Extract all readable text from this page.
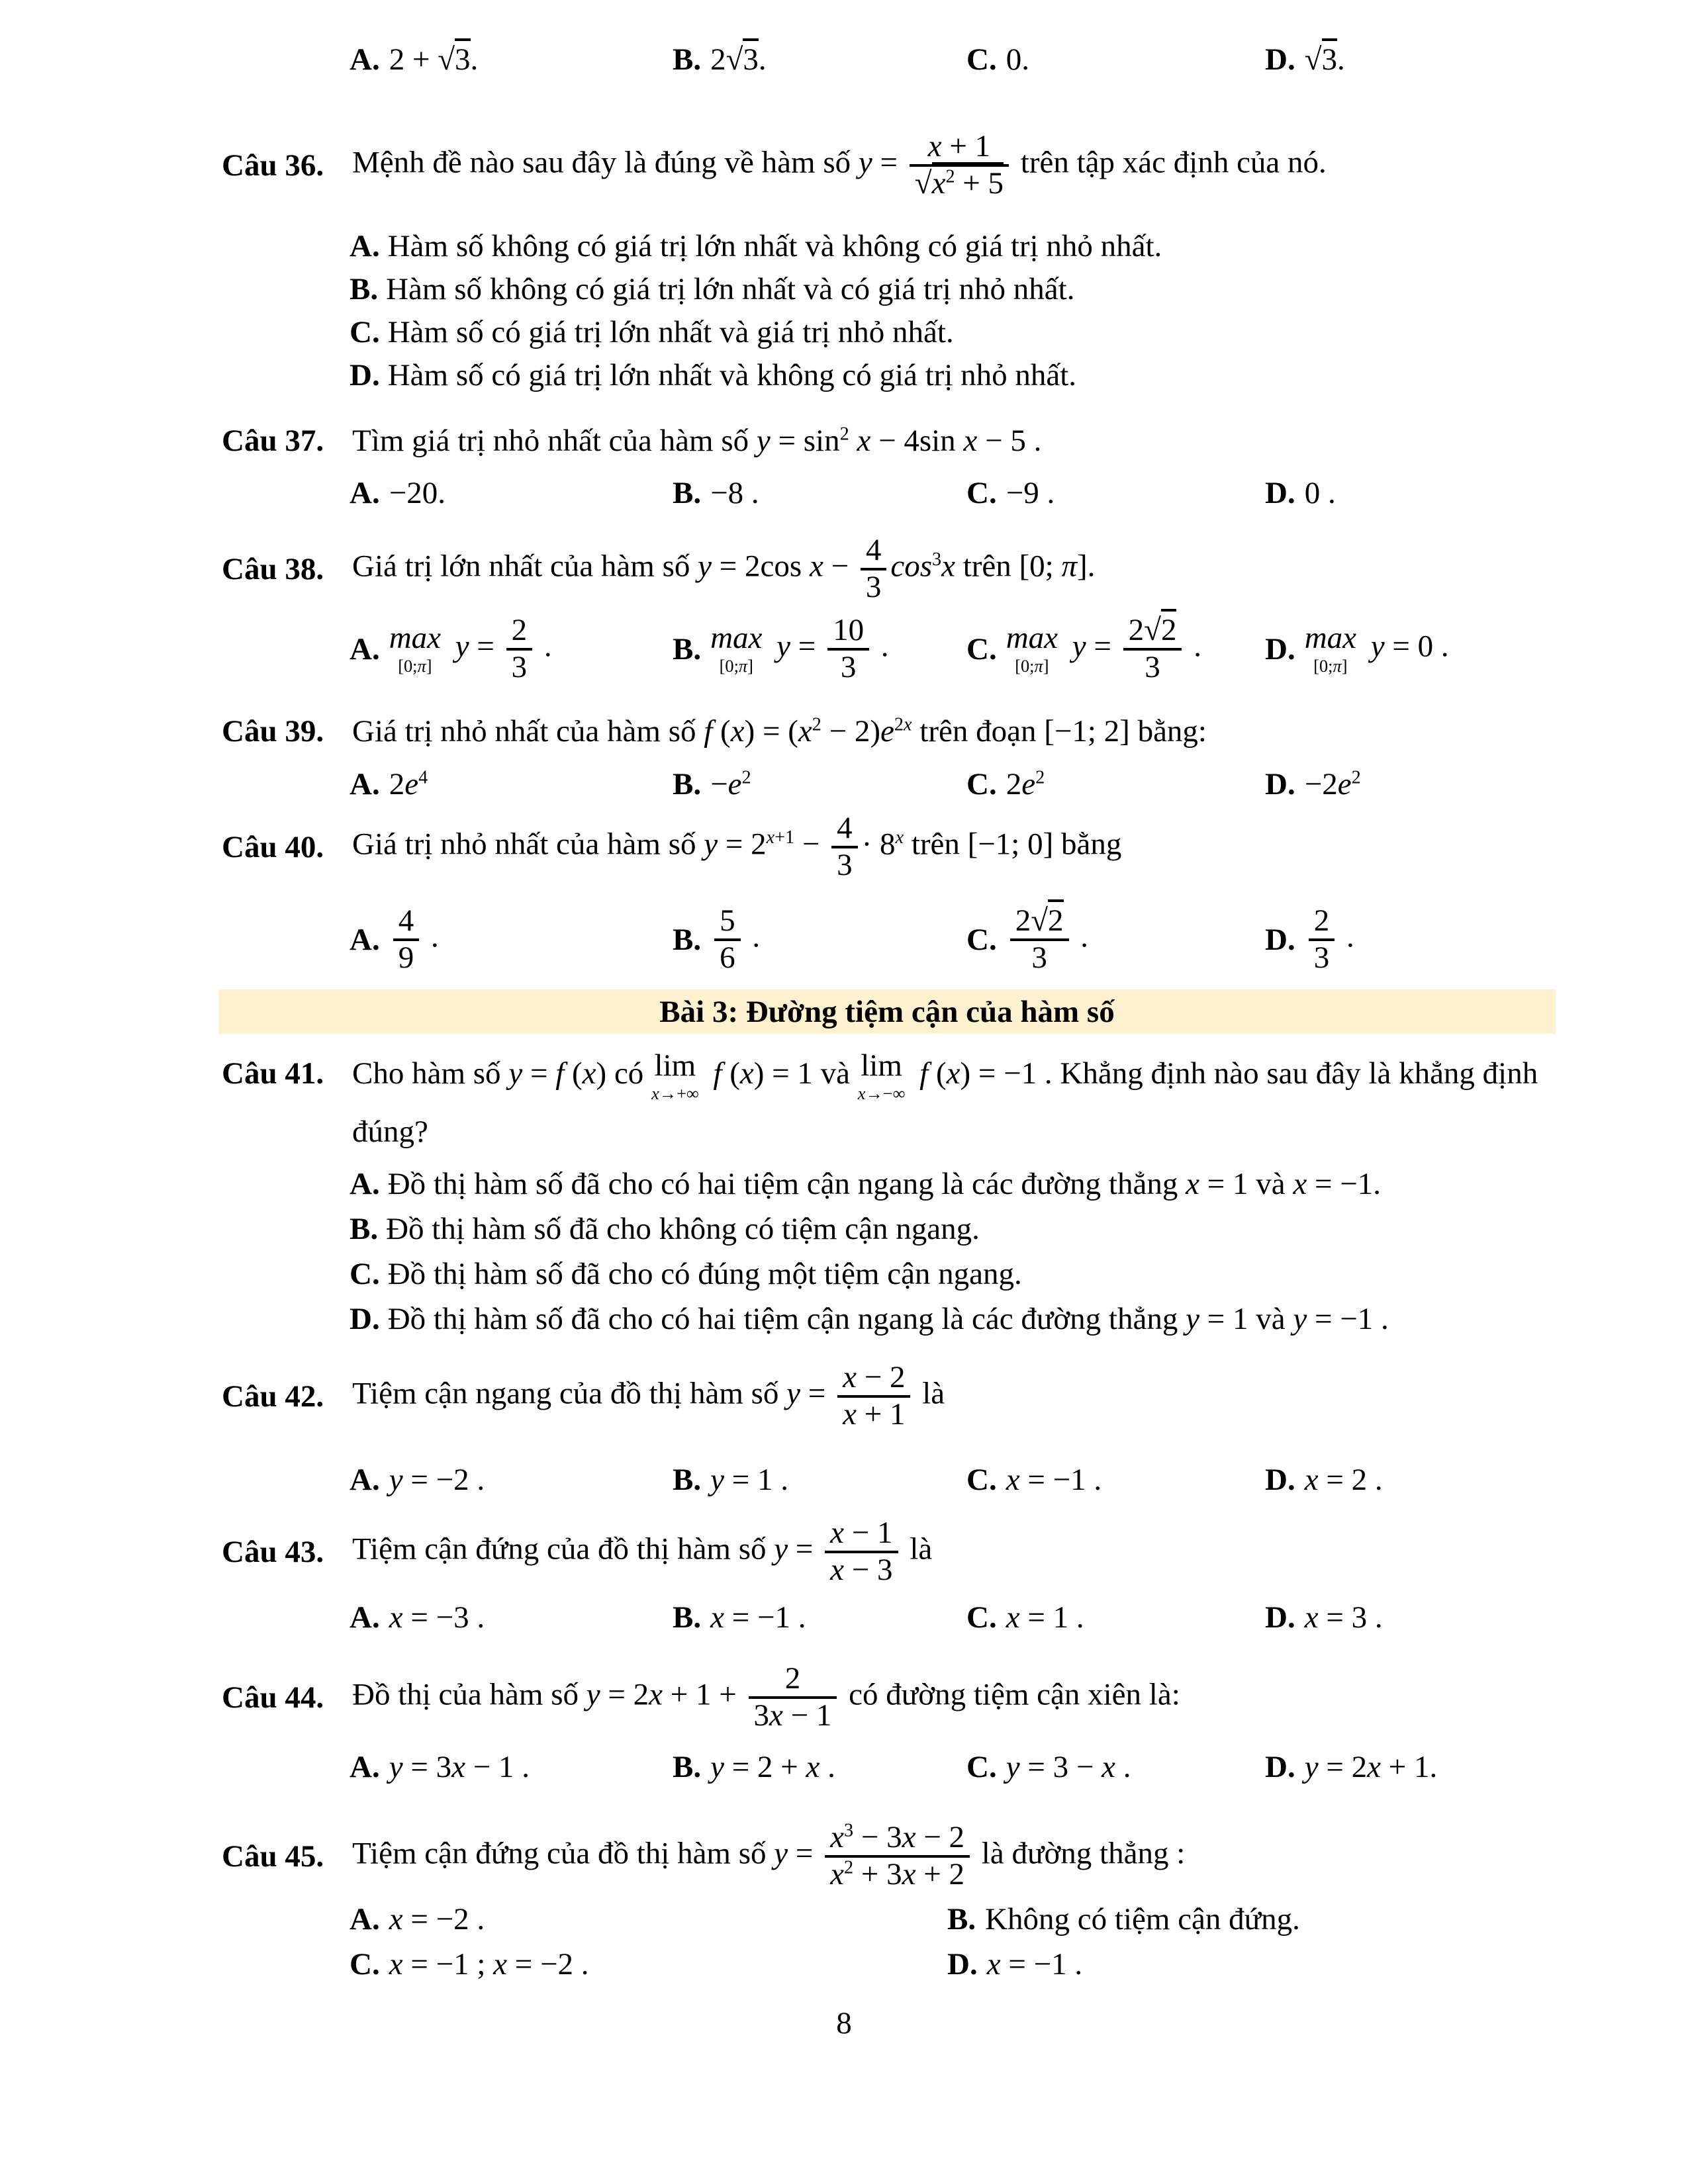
A. 2 + √3.	B. 2√3.	C. 0.	D. √3.
Câu 36. Mệnh đề nào sau đây là đúng về hàm số $y = \frac{x + 1}{√x^2 + 5}$ trên tập xác định của nó.
A. Hàm số không có giá trị lớn nhất và không có giá trị nhỏ nhất.
B. Hàm số không có giá trị lớn nhất và có giá trị nhỏ nhất.
C. Hàm số có giá trị lớn nhất và giá trị nhỏ nhất.
D. Hàm số có giá trị lớn nhất và không có giá trị nhỏ nhất.
Câu 37. Tìm giá trị nhỏ nhất của hàm số $y = \sin^2 x - 4\sin$ x − 5 .
A. −20.	B. −8 .	C. −9 .	D. 0 .
Câu 38. Giá trị lớn nhất của hàm số y = 2cos $x - \frac{4}{3} \cos^3x$ trên [0; π].
A. max
[0;π]
$y = \frac{2}{3}$ .	B. max
[0;π]
$y = \frac{10}{3}$ . C. max
[0;π]
$y = \frac{2√2}{3}$ . D. max
[0;π]
y = 0 .
Câu 39. Giá trị nhỏ nhất của hàm số f $(x) = (x^2 - 2)e^{2x}$ trên đoạn [−1; 2] bằng:
A. $2e^4$	B. $-e^2$	C. $2e^2$	D. $-2e^2$
Câu 40. Giá trị nhỏ nhất của hàm số $y = 2^{x+1} - \frac{4}{3} \cdot 8^x$ trên [−1; 0] bằng
A. $\frac{4}{9}$ .	B. $\frac{5}{6}$ .	C. $\frac{2√2}{3}$ .	D. $\frac{2}{3}$ .
Bài 3: Đường tiệm cận của hàm số
Câu 41. Cho hàm số y = f (x) có lim
x→+∞
f (x) = 1 và lim
x→−∞
f (x) = −1 . Khẳng định nào sau đây là khẳng định đúng?
A. Đồ thị hàm số đã cho có hai tiệm cận ngang là các đường thẳng x = 1 và x = −1.
B. Đồ thị hàm số đã cho không có tiệm cận ngang.
C. Đồ thị hàm số đã cho có đúng một tiệm cận ngang.
D. Đồ thị hàm số đã cho có hai tiệm cận ngang là các đường thẳng y = 1 và y = −1 .
Câu 42. Tiệm cận ngang của đồ thị hàm số $y = \frac{x - 2}{x + 1}$ là
A. y = −2 .	B. y = 1 .	C. x = −1 .	D. x = 2 .
Câu 43. Tiệm cận đứng của đồ thị hàm số $y = \frac{x - 1}{x - 3}$ là
A. x = −3 .	B. x = −1 .	C. x = 1 .	D. x = 3 .
Câu 44. Đồ thị của hàm số $y = 2x + 1 + \frac{2}{3x - 1}$ có đường tiệm cận xiên là:
A. y = 3x − 1 .	B. y = 2 + x .	C. y = 3 − x .	D. y = 2x + 1.
Câu 45. Tiệm cận đứng của đồ thị hàm số $y = \frac{x^3 - 3x - 2}{x^2 + 3x + 2}$ là đường thẳng :
A. x = −2 .	B. Không có tiệm cận đứng.
C. x = −1 ; x = −2 .	D. x = −1 .
8
